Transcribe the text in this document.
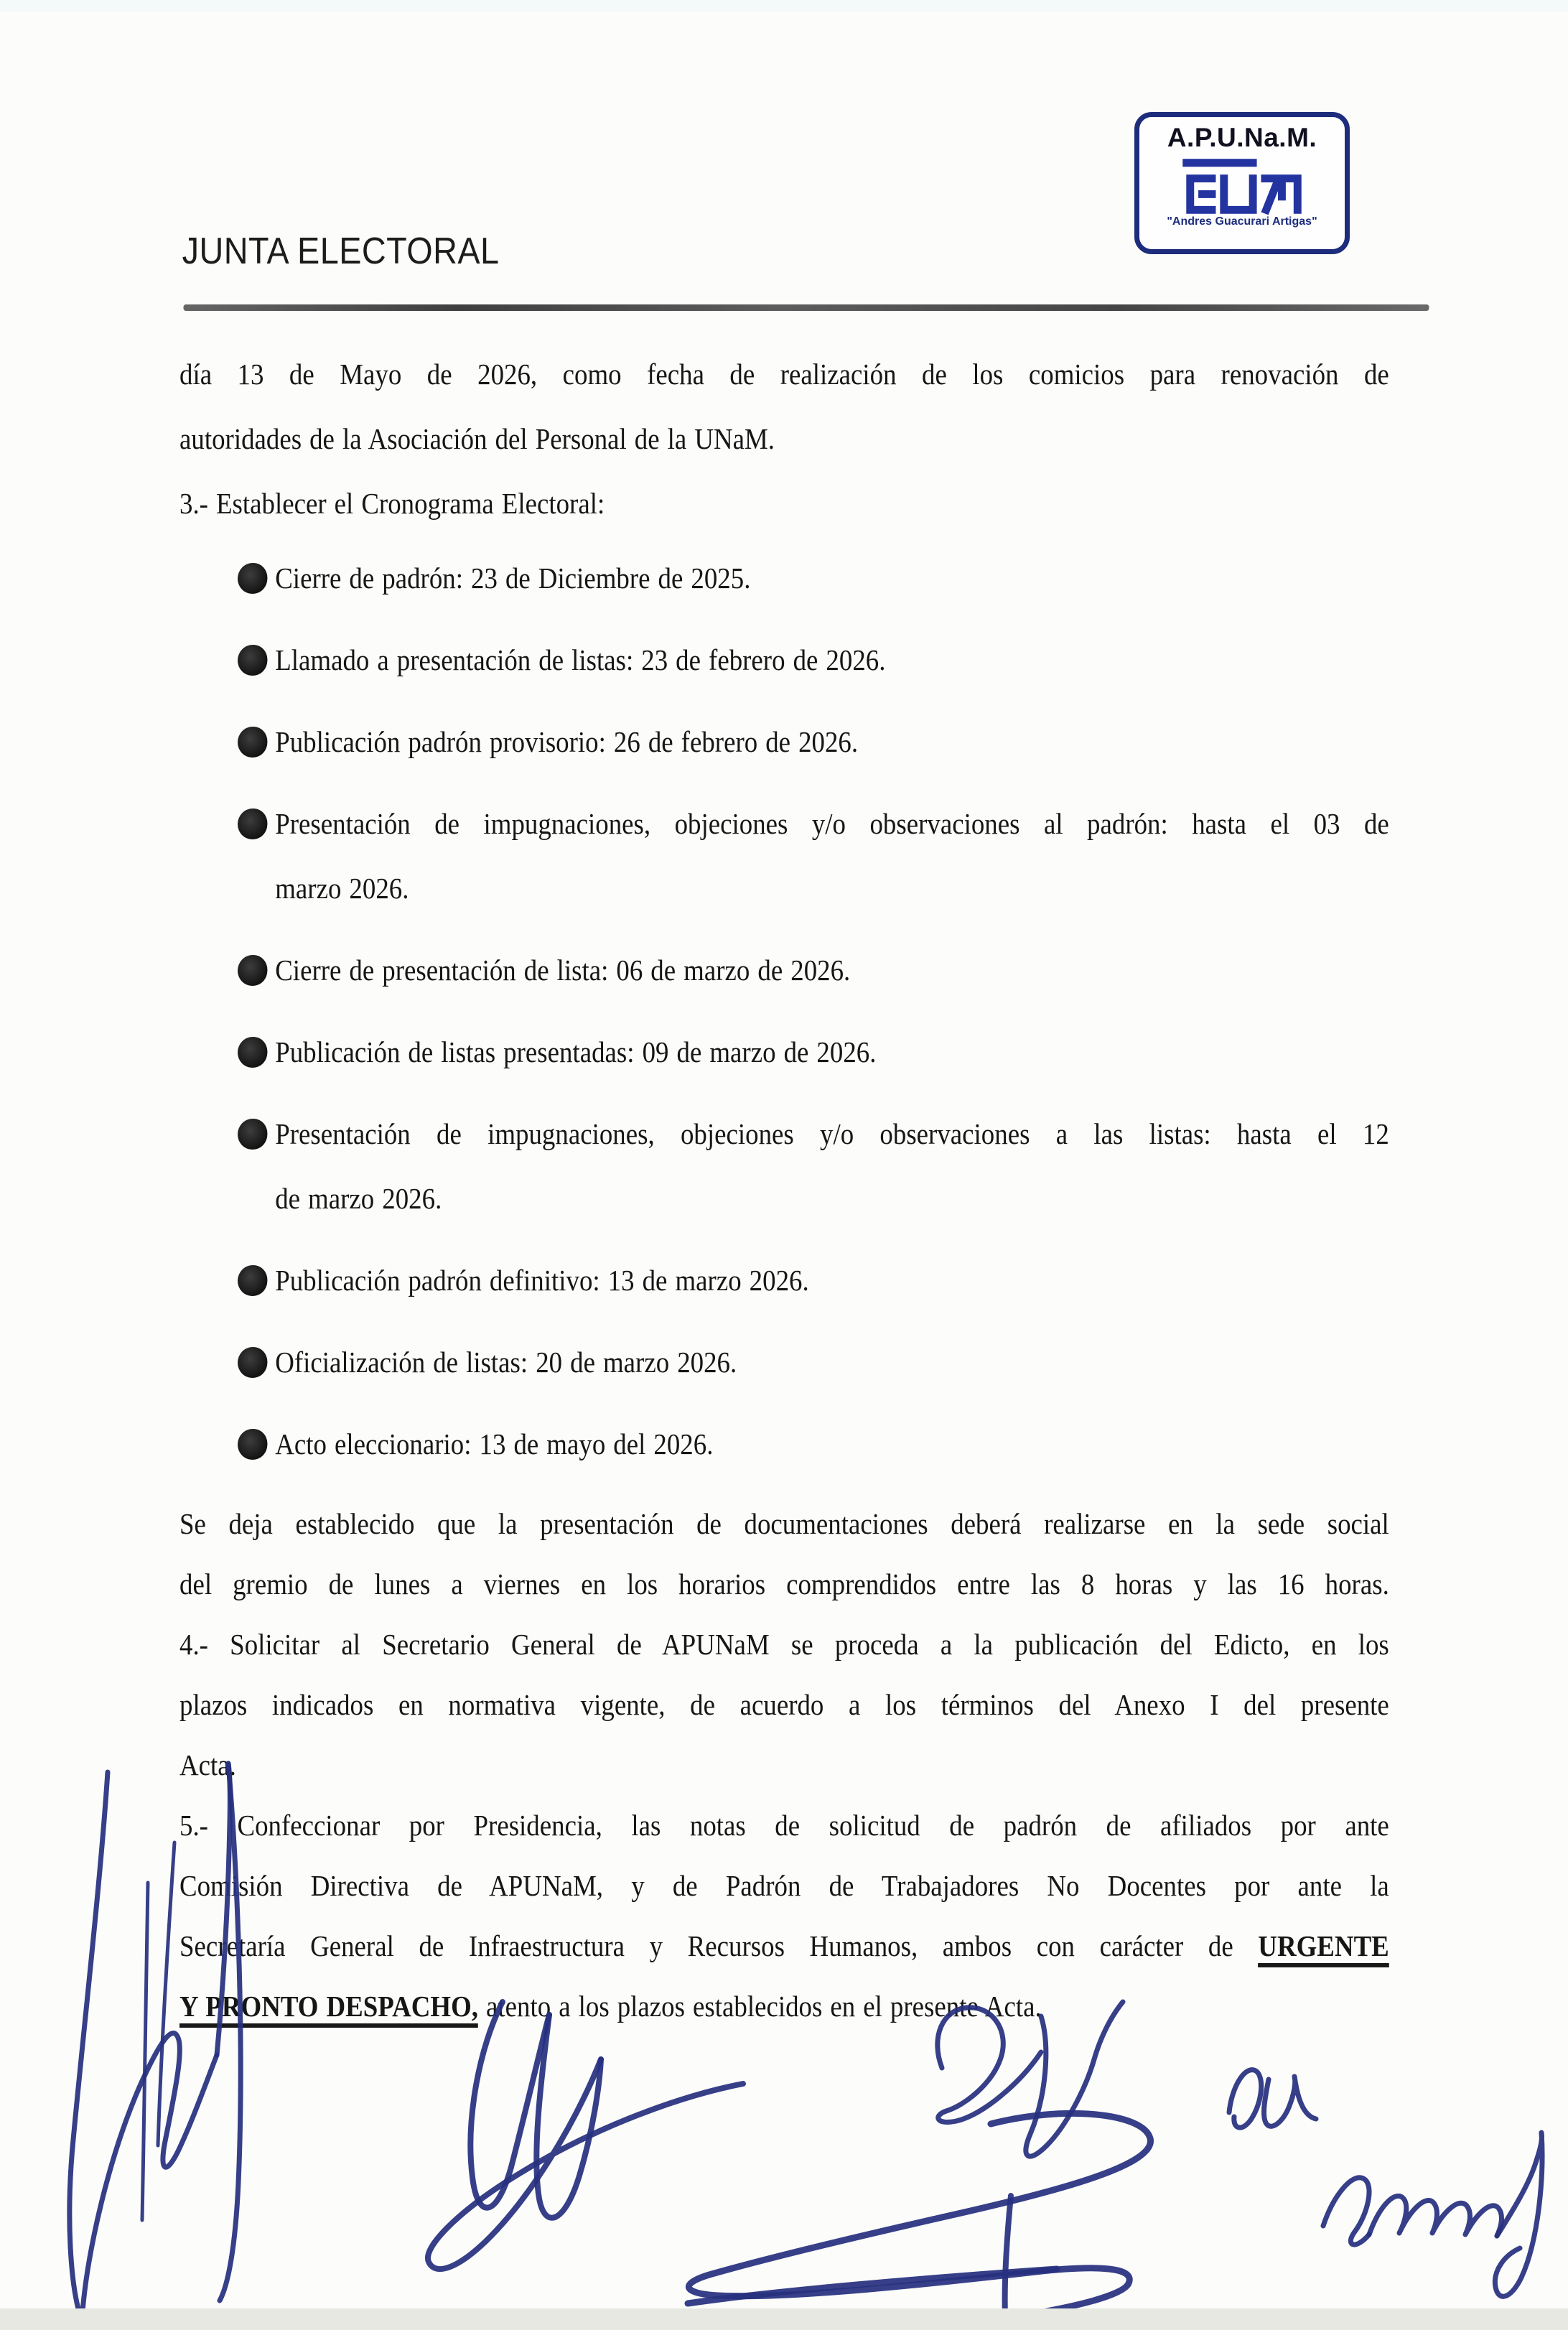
A.P.U.Na.M.
"Andres Guacurari Artigas"
JUNTA ELECTORAL

día 13 de Mayo de 2026, como fecha de realización de los comicios para renovación de

autoridades de la Asociación del Personal de la UNaM.

3.- Establecer el Cronograma Electoral:

Cierre de padrón: 23 de Diciembre de 2025.
Llamado a presentación de listas: 23 de febrero de 2026.
Publicación padrón provisorio: 26 de febrero de 2026.
Presentación de impugnaciones, objeciones y/o observaciones al padrón: hasta el 03 de
marzo 2026.
Cierre de presentación de lista: 06 de marzo de 2026.
Publicación de listas presentadas: 09 de marzo de 2026.
Presentación de impugnaciones, objeciones y/o observaciones a las listas: hasta el 12
de marzo 2026.
Publicación padrón definitivo: 13 de marzo 2026.
Oficialización de listas: 20 de marzo 2026.
Acto eleccionario: 13 de mayo del 2026.

Se deja establecido que la presentación de documentaciones deberá realizarse en la sede social

del gremio de lunes a viernes en los horarios comprendidos entre las 8 horas y las 16 horas.

4.- Solicitar al Secretario General de APUNaM se proceda a la publicación del Edicto, en los

plazos indicados en normativa vigente, de acuerdo a los términos del Anexo I del presente

Acta.

5.- Confeccionar por Presidencia, las notas de solicitud de padrón de afiliados por ante

Comisión Directiva de APUNaM, y de Padrón de Trabajadores No Docentes por ante la

Secretaría General de Infraestructura y Recursos Humanos, ambos con carácter de URGENTE

Y PRONTO DESPACHO, atento a los plazos establecidos en el presente Acta.
